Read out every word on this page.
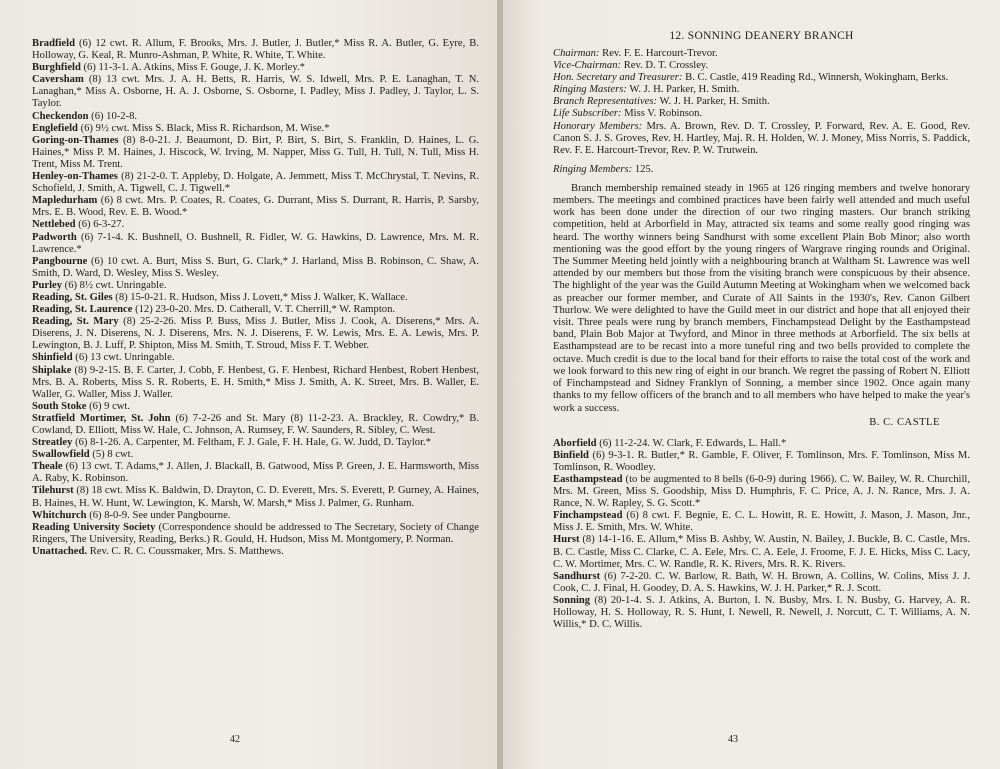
Bradfield (6) 12 cwt. R. Allum, F. Brooks, Mrs. J. Butler, J. Butler,* Miss R. A. Butler, G. Eyre, B. Holloway, G. Keal, R. Munro-Ashman, P. White, R. White, T. White.

Burghfield (6) 11-3-1. A. Atkins, Miss F. Gouge, J. K. Morley.*

Caversham (8) 13 cwt. Mrs. J. A. H. Betts, R. Harris, W. S. Idwell, Mrs. P. E. Lanaghan, T. N. Lanaghan,* Miss A. Osborne, H. A. J. Osborne, S. Osborne, I. Padley, Miss J. Padley, J. Taylor, L. S. Taylor.

Checkendon (6) 10-2-8.

Englefield (6) 9½ cwt. Miss S. Black, Miss R. Richardson, M. Wise.*

Goring-on-Thames (8) 8-0-21. J. Beaumont, D. Birt, P. Birt, S. Birt, S. Franklin, D. Haines, L. G. Haines,* Miss P. M. Haines, J. Hiscock, W. Irving, M. Napper, Miss G. Tull, H. Tull, N. Tull, Miss H. Trent, Miss M. Trent.

Henley-on-Thames (8) 21-2-0. T. Appleby, D. Holgate, A. Jemmett, Miss T. McChrystal, T. Nevins, R. Schofield, J. Smith, A. Tigwell, C. J. Tigwell.*

Mapledurham (6) 8 cwt. Mrs. P. Coates, R. Coates, G. Durrant, Miss S. Durrant, R. Harris, P. Sarsby, Mrs. E. B. Wood, Rev. E. B. Wood.*

Nettlebed (6) 6-3-27.

Padworth (6) 7-1-4. K. Bushnell, O. Bushnell, R. Fidler, W. G. Hawkins, D. Lawrence, Mrs. M. R. Lawrence.*

Pangbourne (6) 10 cwt. A. Burt, Miss S. Burt, G. Clark,* J. Harland, Miss B. Robinson, C. Shaw, A. Smith, D. Ward, D. Wesley, Miss S. Wesley.

Purley (6) 8½ cwt. Unringable.

Reading, St. Giles (8) 15-0-21. R. Hudson, Miss J. Lovett,* Miss J. Walker, K. Wallace.

Reading, St. Laurence (12) 23-0-20. Mrs. D. Catherall, V. T. Cherrill,* W. Rampton.

Reading, St. Mary (8) 25-2-26. Miss P. Buss, Miss J. Butler, Miss J. Cook, A. Diserens,* Mrs. A. Diserens, J. N. Diserens, N. J. Diserens, Mrs. N. J. Diserens, F. W. Lewis, Mrs. E. A. Lewis, Mrs. P. Lewington, B. J. Luff, P. Shipton, Miss M. Smith, T. Stroud, Miss F. T. Webber.

Shinfield (6) 13 cwt. Unringable.

Shiplake (8) 9-2-15. B. F. Carter, J. Cobb, F. Henbest, G. F. Henbest, Richard Henbest, Robert Henbest, Mrs. B. A. Roberts, Miss S. R. Roberts, E. H. Smith,* Miss J. Smith, A. K. Street, Mrs. B. Waller, E. Waller, G. Waller, Miss J. Waller.

South Stoke (6) 9 cwt.

Stratfield Mortimer, St. John (6) 7-2-26 and St. Mary (8) 11-2-23. A. Brackley, R. Cowdry,* B. Cowland, D. Elliott, Miss W. Hale, C. Johnson, A. Rumsey, F. W. Saunders, R. Sibley, C. West.

Streatley (6) 8-1-26. A. Carpenter, M. Feltham, F. J. Gale, F. H. Hale, G. W. Judd, D. Taylor.*

Swallowfield (5) 8 cwt.

Theale (6) 13 cwt. T. Adams,* J. Allen, J. Blackall, B. Gatwood, Miss P. Green, J. E. Harmsworth, Miss A. Raby, K. Robinson.

Tilehurst (8) 18 cwt. Miss K. Baldwin, D. Drayton, C. D. Everett, Mrs. S. Everett, P. Gurney, A. Haines, B. Haines, H. W. Hunt, W. Lewington, K. Marsh, W. Marsh,* Miss J. Palmer, G. Runham.

Whitchurch (6) 8-0-9. See under Pangbourne.

Reading University Society (Correspondence should be addressed to The Secretary, Society of Change Ringers, The University, Reading, Berks.) R. Gould, H. Hudson, Miss M. Montgomery, P. Norman.

Unattached. Rev. C. R. C. Coussmaker, Mrs. S. Matthews.

42
12. SONNING DEANERY BRANCH

Chairman: Rev. F. E. Harcourt-Trevor.

Vice-Chairman: Rev. D. T. Crossley.

Hon. Secretary and Treasurer: B. C. Castle, 419 Reading Rd., Winnersh, Wokingham, Berks.

Ringing Masters: W. J. H. Parker, H. Smith.

Branch Representatives: W. J. H. Parker, H. Smith.

Life Subscriber: Miss V. Robinson.

Honorary Members: Mrs. A. Brown, Rev. D. T. Crossley, P. Forward, Rev. A. E. Good, Rev. Canon S. J. S. Groves, Rev. H. Hartley, Maj. R. H. Holden, W. J. Money, Miss Norris, S. Paddick, Rev. F. E. Harcourt-Trevor, Rev. P. W. Trutwein.

Ringing Members: 125.

Branch membership remained steady in 1965 at 126 ringing members and twelve honorary members. The meetings and combined practices have been fairly well attended and much useful work has been done under the direction of our two ringing masters. Our branch striking competition, held at Arborfield in May, attracted six teams and some really good ringing was heard. The worthy winners being Sandhurst with some excellent Plain Bob Minor; also worth mentioning was the good effort by the young ringers of Wargrave ringing rounds and Original. The Summer Meeting held jointly with a neighbouring branch at Waltham St. Lawrence was well attended by our members but those from the visiting branch were conspicuous by their absence. The highlight of the year was the Guild Autumn Meeting at Wokingham when we welcomed back as preacher our former member, and Curate of All Saints in the 1930's, Rev. Canon Gilbert Thurlow. We were delighted to have the Guild meet in our district and hope that all enjoyed their visit. Three peals were rung by branch members, Finchampstead Delight by the Easthampstead band, Plain Bob Major at Twyford, and Minor in three methods at Arborfield. The six bells at Easthampstead are to be recast into a more tuneful ring and two bells provided to complete the octave. Much credit is due to the local band for their efforts to raise the total cost of the work and we look forward to this new ring of eight in our branch. We regret the passing of Robert N. Elliott of Finchampstead and Sidney Franklyn of Sonning, a member since 1902. Once again many thanks to my fellow officers of the branch and to all members who have helped to make the year's work a success.

B. C. CASTLE

Aborfield (6) 11-2-24. W. Clark, F. Edwards, L. Hall.*

Binfield (6) 9-3-1. R. Butler,* R. Gamble, F. Oliver, F. Tomlinson, Mrs. F. Tomlinson, Miss M. Tomlinson, R. Woodley.

Easthampstead (to be augmented to 8 bells (6-0-9) during 1966). C. W. Bailey, W. R. Churchill, Mrs. M. Green, Miss S. Goodship, Miss D. Humphris, F. C. Price, A. J. N. Rance, Mrs. J. A. Rance, N. W. Rapley, S. G. Scott.*

Finchampstead (6) 8 cwt. F. Begnie, E. C. L. Howitt, R. E. Howitt, J. Mason, J. Mason, Jnr., Miss J. E. Smith, Mrs. W. White.

Hurst (8) 14-1-16. E. Allum,* Miss B. Ashby, W. Austin, N. Bailey, J. Buckle, B. C. Castle, Mrs. B. C. Castle, Miss C. Clarke, C. A. Eele, Mrs. C. A. Eele, J. Froome, F. J. E. Hicks, Miss C. Lacy, C. W. Mortimer, Mrs. C. W. Randle, R. K. Rivers, Mrs. R. K. Rivers.

Sandhurst (6) 7-2-20. C. W. Barlow, R. Bath, W. H. Brown, A. Collins, W. Colins, Miss J. J. Cook, C. J. Final, H. Goodey, D. A. S. Hawkins, W. J. H. Parker,* R. J. Scott.

Sonning (8) 20-1-4. S. J. Atkins, A. Burton, I. N. Busby, Mrs. I. N. Busby, G. Harvey, A. R. Holloway, H. S. Holloway, R. S. Hunt, I. Newell, R. Newell, J. Norcutt, C. T. Williams, A. N. Willis,* D. C. Willis.

43
